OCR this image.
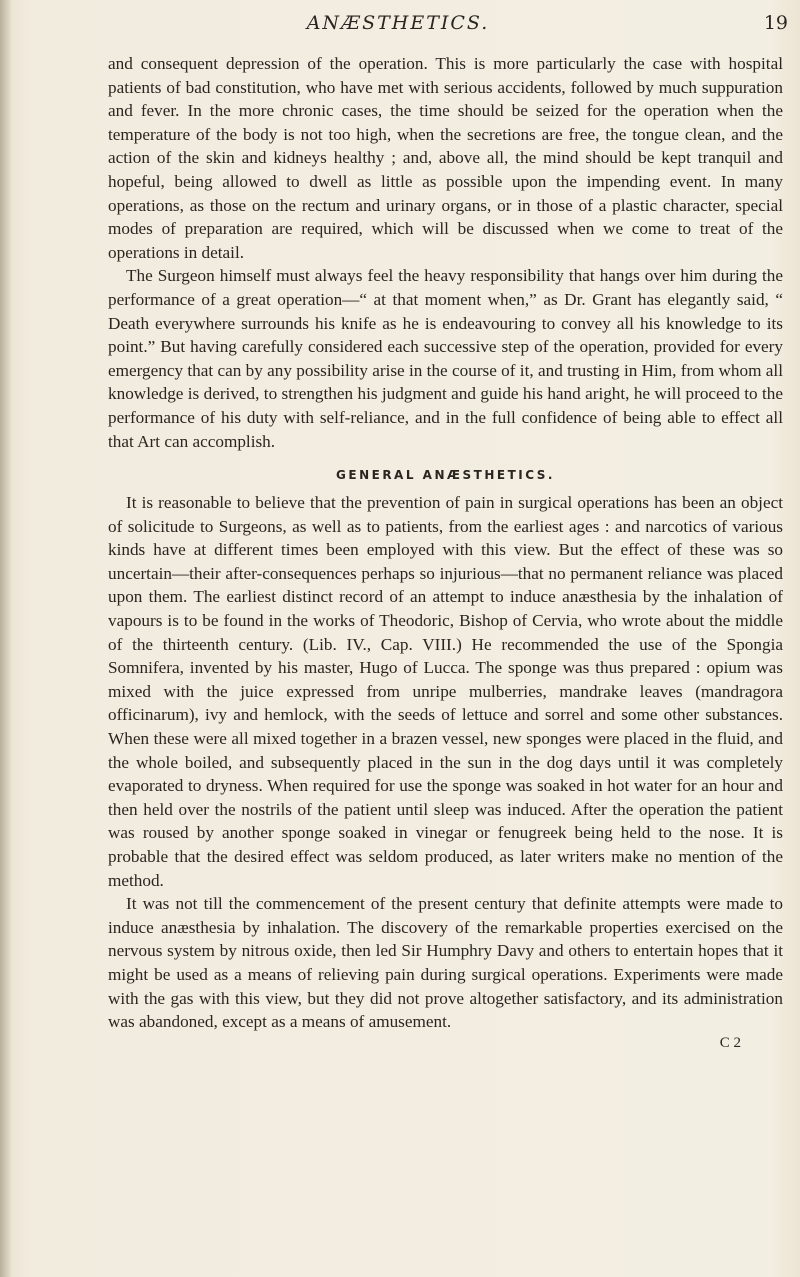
ANÆSTHETICS.	19

and consequent depression of the operation. This is more particularly the case with hospital patients of bad constitution, who have met with serious accidents, followed by much suppuration and fever. In the more chronic cases, the time should be seized for the operation when the temperature of the body is not too high, when the secretions are free, the tongue clean, and the action of the skin and kidneys healthy ; and, above all, the mind should be kept tranquil and hopeful, being allowed to dwell as little as possible upon the impending event. In many operations, as those on the rectum and urinary organs, or in those of a plastic character, special modes of preparation are required, which will be discussed when we come to treat of the operations in detail.

The Surgeon himself must always feel the heavy responsibility that hangs over him during the performance of a great operation—“ at that moment when,” as Dr. Grant has elegantly said, “ Death everywhere surrounds his knife as he is endeavouring to convey all his knowledge to its point.” But having carefully considered each successive step of the operation, provided for every emergency that can by any possibility arise in the course of it, and trusting in Him, from whom all knowledge is derived, to strengthen his judgment and guide his hand aright, he will proceed to the performance of his duty with self-reliance, and in the full confidence of being able to effect all that Art can accomplish.

GENERAL ANÆSTHETICS.

It is reasonable to believe that the prevention of pain in surgical operations has been an object of solicitude to Surgeons, as well as to patients, from the earliest ages : and narcotics of various kinds have at different times been employed with this view. But the effect of these was so uncertain—their after-consequences perhaps so injurious—that no permanent reliance was placed upon them. The earliest distinct record of an attempt to induce anæsthesia by the inhalation of vapours is to be found in the works of Theodoric, Bishop of Cervia, who wrote about the middle of the thirteenth century. (Lib. IV., Cap. VIII.) He recommended the use of the Spongia Somnifera, invented by his master, Hugo of Lucca. The sponge was thus prepared : opium was mixed with the juice expressed from unripe mulberries, mandrake leaves (mandragora officinarum), ivy and hemlock, with the seeds of lettuce and sorrel and some other substances. When these were all mixed together in a brazen vessel, new sponges were placed in the fluid, and the whole boiled, and subsequently placed in the sun in the dog days until it was completely evaporated to dryness. When required for use the sponge was soaked in hot water for an hour and then held over the nostrils of the patient until sleep was induced. After the operation the patient was roused by another sponge soaked in vinegar or fenugreek being held to the nose. It is probable that the desired effect was seldom produced, as later writers make no mention of the method.

It was not till the commencement of the present century that definite attempts were made to induce anæsthesia by inhalation. The discovery of the remarkable properties exercised on the nervous system by nitrous oxide, then led Sir Humphry Davy and others to entertain hopes that it might be used as a means of relieving pain during surgical operations. Experiments were made with the gas with this view, but they did not prove altogether satisfactory, and its administration was abandoned, except as a means of amusement.

C 2
